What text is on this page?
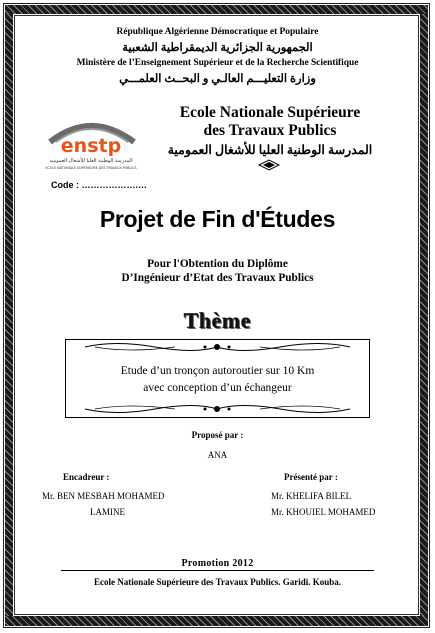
République Algérienne Démocratique et Populaire
الجمهورية الجزائرية الديمقراطية الشعبية
Ministère de l’Enseignement Supérieur et de la Recherche Scientifique
وزارة التعليـــم العالـي و البحــث العلمـــي
enstp
المدرسة الوطنية العليا للأشغال العمومية
ECOLE NATIONALE SUPERIEURE DES TRAVAUX PUBLICS
Ecole Nationale Supérieure
des Travaux Publics
المدرسة الوطنية العليا للأشغال العمومية
Code : ……………….…
Projet de Fin d'Études
Pour l'Obtention du Diplôme
D’Ingénieur d’Etat des Travaux Publics
Thème
Etude d’un tronçon autoroutier sur 10 Km
avec conception d’un échangeur
Proposé par :
ANA
Encadreur :	Présenté par :
Mr. BEN MESBAH MOHAMED
LAMINE
Mr. KHELIFA BILEL
Mr. KHOUIEL MOHAMED
Promotion 2012
Ecole Nationale Supérieure des Travaux Publics. Garidi. Kouba.
